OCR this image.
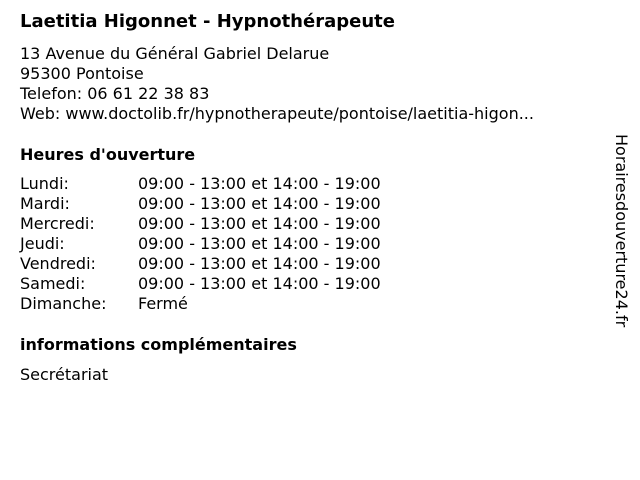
Laetitia Higonnet - Hypnothérapeute
13 Avenue du Général Gabriel Delarue
95300 Pontoise
Telefon: 06 61 22 38 83
Web: www.doctolib.fr/hypnotherapeute/pontoise/laetitia-higon...
Heures d'ouverture
Lundi:	09:00 - 13:00 et 14:00 - 19:00
Mardi:	09:00 - 13:00 et 14:00 - 19:00
Mercredi:	09:00 - 13:00 et 14:00 - 19:00
Jeudi:	09:00 - 13:00 et 14:00 - 19:00
Vendredi:	09:00 - 13:00 et 14:00 - 19:00
Samedi:	09:00 - 13:00 et 14:00 - 19:00
Dimanche: Fermé
informations complémentaires
Secrétariat
Horairesdouverture24.fr
